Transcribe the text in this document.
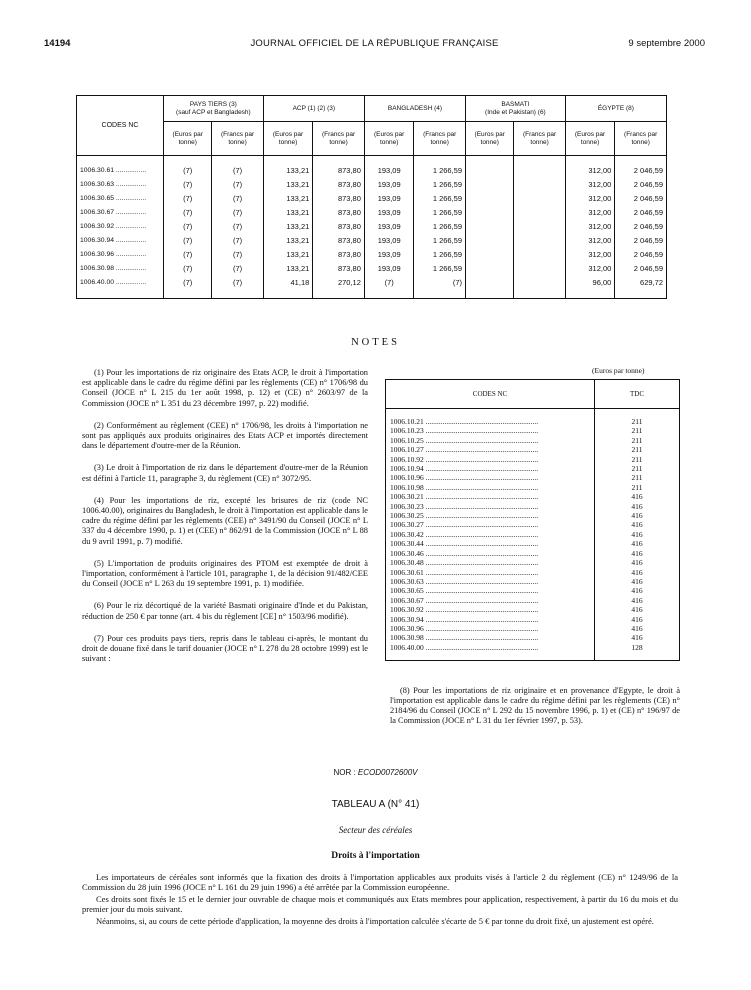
14194	JOURNAL OFFICIEL DE LA RÉPUBLIQUE FRANÇAISE	9 septembre 2000
CODES NC	PAYS TIERS (3)
(sauf ACP et Bangladesh)		ACP (1) (2) (3)		BANGLADESH (4)		BASMATI
(Inde et Pakistan) (6)		ÉGYPTE (8)	
	(Euros par tonne)	(Francs par tonne)	(Euros par tonne)	(Francs par tonne)	(Euros par tonne)	(Francs par tonne)	(Euros par tonne)	(Francs par tonne)	(Euros par tonne)	(Francs par tonne)
1006.30.61 ................	(7)	(7)	133,21	873,80	193,09	1 266,59			312,00	2 046,59
1006.30.63 ................	(7)	(7)	133,21	873,80	193,09	1 266,59			312,00	2 046,59
1006.30.65 ................	(7)	(7)	133,21	873,80	193,09	1 266,59			312,00	2 046,59
1006.30.67 ................	(7)	(7)	133,21	873,80	193,09	1 266,59			312,00	2 046,59
1006.30.92 ................	(7)	(7)	133,21	873,80	193,09	1 266,59			312,00	2 046,59
1006.30.94 ................	(7)	(7)	133,21	873,80	193,09	1 266,59			312,00	2 046,59
1006.30.96 ................	(7)	(7)	133,21	873,80	193,09	1 266,59			312,00	2 046,59
1006.30.98 ................	(7)	(7)	133,21	873,80	193,09	1 266,59			312,00	2 046,59
1006.40.00 ................	(7)	(7)	41,18	270,12	(7)	(7)			96,00	629,72
NOTES

(1) Pour les importations de riz originaire des Etats ACP, le droit à l'importation est applicable dans le cadre du régime défini par les règlements (CE) n° 1706/98 du Conseil (JOCE n° L 215 du 1er août 1998, p. 12) et (CE) n° 2603/97 de la Commission (JOCE n° L 351 du 23 décembre 1997, p. 22) modifié.

(2) Conformément au règlement (CEE) n° 1706/98, les droits à l'importation ne sont pas appliqués aux produits originaires des Etats ACP et importés directement dans le département d'outre-mer de la Réunion.

(3) Le droit à l'importation de riz dans le département d'outre-mer de la Réunion est défini à l'article 11, paragraphe 3, du règlement (CE) n° 3072/95.

(4) Pour les importations de riz, excepté les brisures de riz (code NC 1006.40.00), originaires du Bangladesh, le droit à l'importation est applicable dans le cadre du régime défini par les règlements (CEE) n° 3491/90 du Conseil (JOCE n° L 337 du 4 décembre 1990, p. 1) et (CEE) n° 862/91 de la Commission (JOCE n° L 88 du 9 avril 1991, p. 7) modifié.

(5) L'importation de produits originaires des PTOM est exemptée de droit à l'importation, conformément à l'article 101, paragraphe 1, de la décision 91/482/CEE du Conseil (JOCE n° L 263 du 19 septembre 1991, p. 1) modifiée.

(6) Pour le riz décortiqué de la variété Basmati originaire d'Inde et du Pakistan, réduction de 250 € par tonne (art. 4 bis du règlement [CE] n° 1503/96 modifié).

(7) Pour ces produits pays tiers, repris dans le tableau ci-après, le montant du droit de douane fixé dans le tarif douanier (JOCE n° L 278 du 28 octobre 1999) est le suivant :

(Euros par tonne)
CODES NC	TDC
1006.10.21 ............................................................	211
1006.10.23 ............................................................	211
1006.10.25 ............................................................	211
1006.10.27 ............................................................	211
1006.10.92 ............................................................	211
1006.10.94 ............................................................	211
1006.10.96 ............................................................	211
1006.10.98 ............................................................	211
1006.30.21 ............................................................	416
1006.30.23 ............................................................	416
1006.30.25 ............................................................	416
1006.30.27 ............................................................	416
1006.30.42 ............................................................	416
1006.30.44 ............................................................	416
1006.30.46 ............................................................	416
1006.30.48 ............................................................	416
1006.30.61 ............................................................	416
1006.30.63 ............................................................	416
1006.30.65 ............................................................	416
1006.30.67 ............................................................	416
1006.30.92 ............................................................	416
1006.30.94 ............................................................	416
1006.30.96 ............................................................	416
1006.30.98 ............................................................	416
1006.40.00 ............................................................	128

(8) Pour les importations de riz originaire et en provenance d'Egypte, le droit à l'importation est applicable dans le cadre du régime défini par les règlements (CE) n° 2184/96 du Conseil (JOCE n° L 292 du 15 novembre 1996, p. 1) et (CE) n° 196/97 de la Commission (JOCE n° L 31 du 1er février 1997, p. 53).

NOR : ECOD0072600V
TABLEAU A (N° 41)
Secteur des céréales
Droits à l'importation

Les importateurs de céréales sont informés que la fixation des droits à l'importation applicables aux produits visés à l'article 2 du règlement (CE) n° 1249/96 de la Commission du 28 juin 1996 (JOCE n° L 161 du 29 juin 1996) a été arrêtée par la Commission européenne.

Ces droits sont fixés le 15 et le dernier jour ouvrable de chaque mois et communiqués aux Etats membres pour application, respectivement, à partir du 16 du mois et du premier jour du mois suivant.

Néanmoins, si, au cours de cette période d'application, la moyenne des droits à l'importation calculée s'écarte de 5 € par tonne du droit fixé, un ajustement est opéré.
